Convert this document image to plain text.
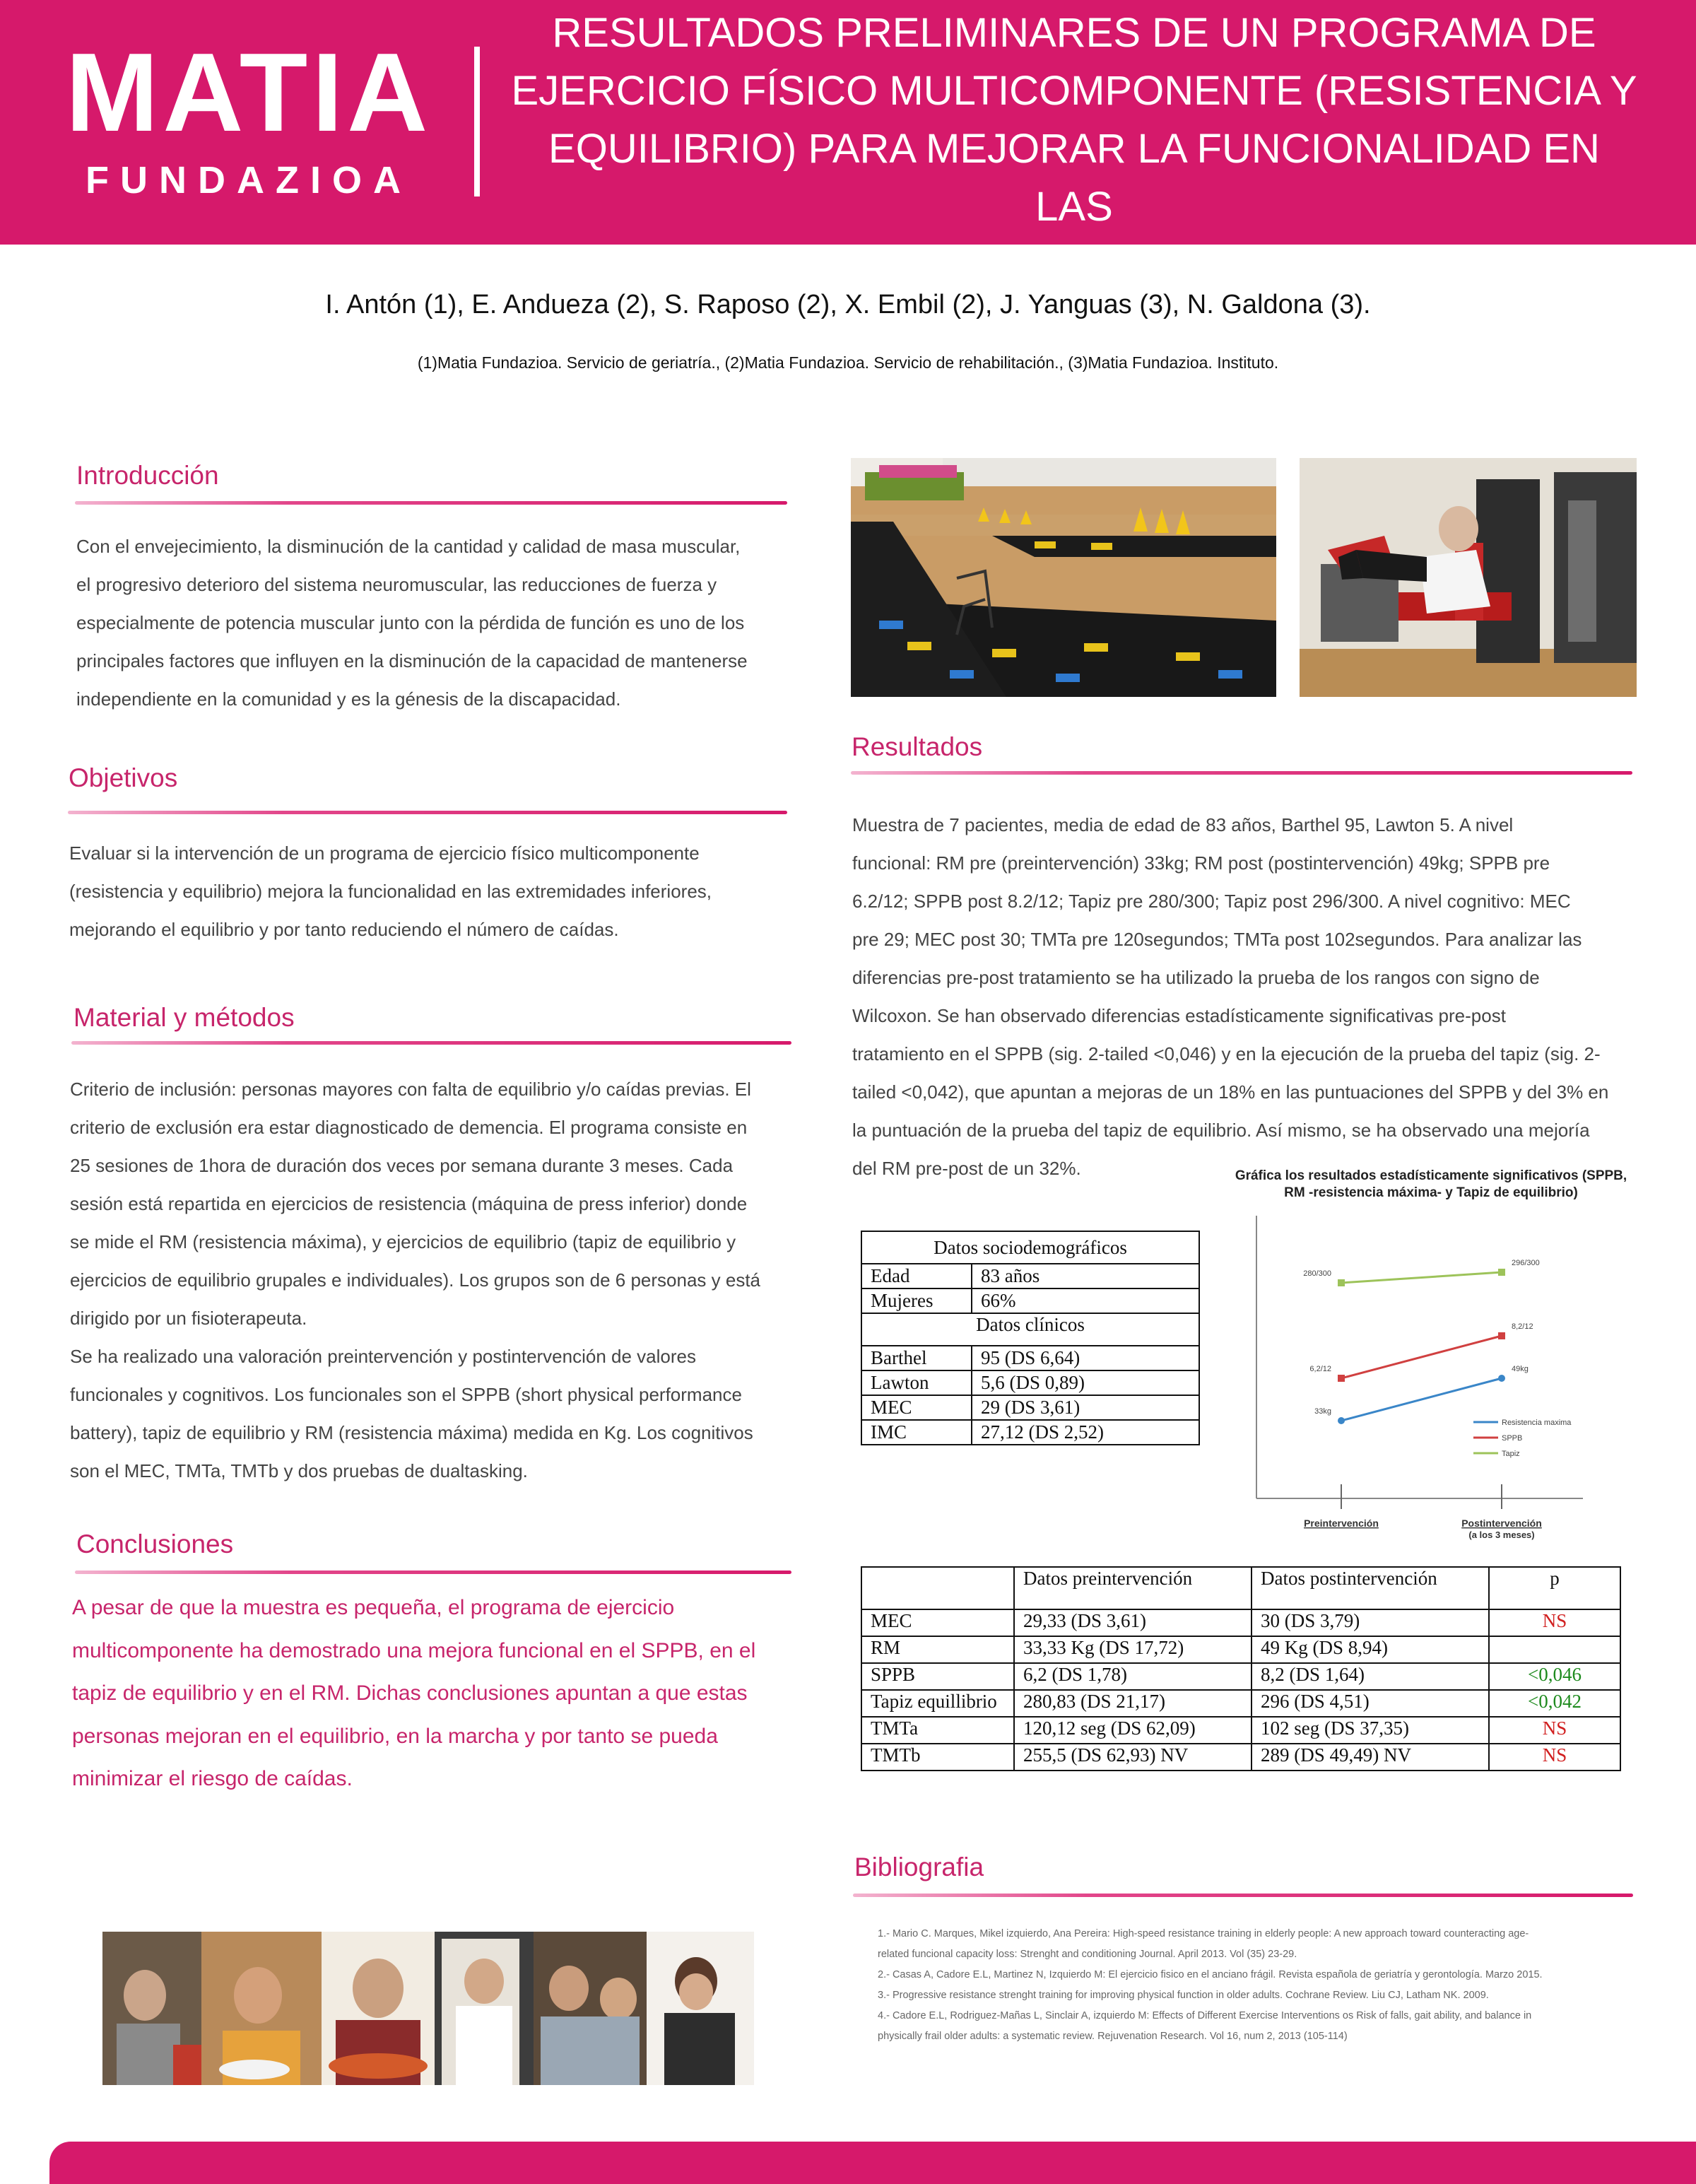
MATIA
FUNDAZIOA
RESULTADOS PRELIMINARES DE UN PROGRAMA DE
EJERCICIO FÍSICO MULTICOMPONENTE (RESISTENCIA Y
EQUILIBRIO) PARA MEJORAR LA FUNCIONALIDAD EN LAS
PERSONAS MAYORES CON FALTA DE EQUILIBRIO
I. Antón (1), E. Andueza (2), S. Raposo (2), X. Embil (2), J. Yanguas (3), N. Galdona (3).
(1)Matia Fundazioa. Servicio de geriatría., (2)Matia Fundazioa. Servicio de rehabilitación., (3)Matia Fundazioa. Instituto.
Introducción
Con el envejecimiento, la disminución de la cantidad y calidad de masa muscular,
el progresivo deterioro del sistema neuromuscular, las reducciones de fuerza y
especialmente de potencia muscular junto con la pérdida de función es uno de los
principales factores que influyen en la disminución de la capacidad de mantenerse
independiente en la comunidad y es la génesis de la discapacidad.
Objetivos
Evaluar si la intervención de un programa de ejercicio físico multicomponente
(resistencia y equilibrio) mejora la funcionalidad en las extremidades inferiores,
mejorando el equilibrio y por tanto reduciendo el número de caídas.
Material y métodos
Criterio de inclusión: personas mayores con falta de equilibrio y/o caídas previas. El
criterio de exclusión era estar diagnosticado de demencia. El programa consiste en
25 sesiones de 1hora de duración dos veces por semana durante 3 meses. Cada
sesión está repartida en ejercicios de resistencia (máquina de press inferior) donde
se mide el RM (resistencia máxima), y ejercicios de equilibrio (tapiz de equilibrio y
ejercicios de equilibrio grupales e individuales). Los grupos son de 6 personas y está
dirigido por un fisioterapeuta.
Se ha realizado una valoración preintervención y postintervención de valores
funcionales y cognitivos. Los funcionales son el SPPB (short physical performance
battery), tapiz de equilibrio y RM (resistencia máxima) medida en Kg. Los cognitivos
son el MEC, TMTa, TMTb y dos pruebas de dualtasking.
Conclusiones
A pesar de que la muestra es pequeña, el programa de ejercicio
multicomponente ha demostrado una mejora funcional en el SPPB, en el
tapiz de equilibrio y en el RM. Dichas conclusiones apuntan a que estas
personas mejoran en el equilibrio, en la marcha y por tanto se pueda
minimizar el riesgo de caídas.
Resultados
Muestra de 7 pacientes, media de edad de 83 años, Barthel 95, Lawton 5. A nivel
funcional: RM pre (preintervención) 33kg; RM post (postintervención) 49kg; SPPB pre
6.2/12; SPPB post 8.2/12; Tapiz pre 280/300; Tapiz post 296/300. A nivel cognitivo: MEC
pre 29; MEC post 30; TMTa pre 120segundos; TMTa post 102segundos. Para analizar las
diferencias pre-post tratamiento se ha utilizado la prueba de los rangos con signo de
Wilcoxon. Se han observado diferencias estadísticamente significativas pre-post
tratamiento en el SPPB (sig. 2-tailed <0,046) y en la ejecución de la prueba del tapiz (sig. 2-
tailed <0,042), que apuntan a mejoras de un 18% en las puntuaciones del SPPB y del 3% en
la puntuación de la prueba del tapiz de equilibrio. Así mismo, se ha observado una mejoría
del RM pre-post de un 32%.
Datos sociodemográficos	
Edad	83 años
Mujeres	66%
Datos clínicos	
Barthel	95 (DS 6,64)
Lawton	5,6 (DS 0,89)
MEC	29 (DS 3,61)
IMC	27,12 (DS 2,52)
Gráfica los resultados estadísticamente significativos (SPPB, RM -resistencia máxima- y Tapiz de equilibrio)
33kg
49kg
Resistencia maxima
6,2/12
8,2/12
SPPB
280/300
296/300
Tapiz
Preintervención	Postintervención
(a los 3 meses)
	Datos preintervención	Datos postintervención	p
MEC	29,33 (DS 3,61)	30 (DS 3,79)	NS
RM	33,33 Kg (DS 17,72)	49 Kg (DS 8,94)	
SPPB	6,2 (DS 1,78)	8,2 (DS 1,64)	<0,046
Tapiz equillibrio	280,83 (DS 21,17)	296 (DS 4,51)	<0,042
TMTa	120,12 seg (DS 62,09)	102 seg (DS 37,35)	NS
TMTb	255,5 (DS 62,93) NV	289 (DS 49,49) NV	NS
Bibliografia
1.- Mario C. Marques, Mikel izquierdo, Ana Pereira: High-speed resistance training in elderly people: A new approach toward counteracting age-
related funcional capacity loss: Strenght and conditioning Journal. April 2013. Vol (35) 23-29.
2.- Casas A, Cadore E.L, Martinez N, Izquierdo M: El ejercicio fisico en el anciano frágil. Revista española de geriatría y gerontología. Marzo 2015.
3.- Progressive resistance strenght training for improving physical function in older adults. Cochrane Review. Liu CJ, Latham NK. 2009.
4.- Cadore E.L, Rodriguez-Mañas L, Sinclair A, izquierdo M: Effects of Different Exercise Interventions os Risk of falls, gait ability, and balance in
physically frail older adults: a systematic review. Rejuvenation Research. Vol 16, num 2, 2013 (105-114)
